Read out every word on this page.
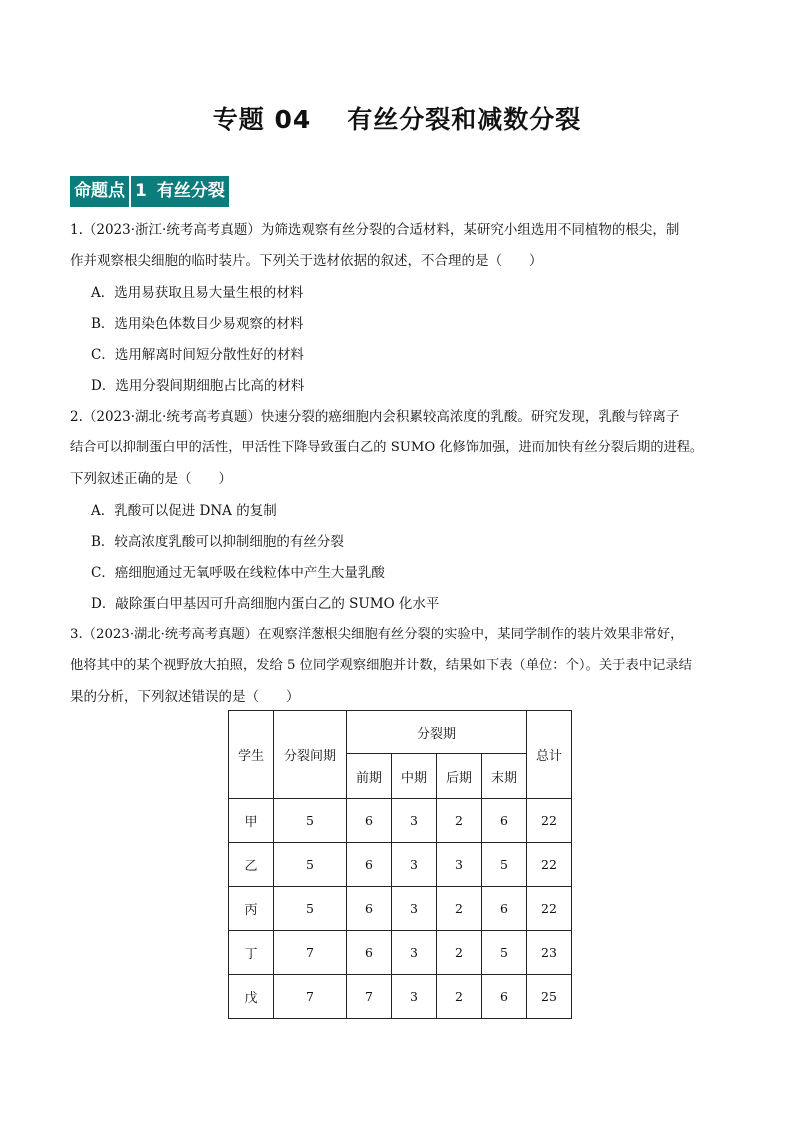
专题 04 有丝分裂和减数分裂
命题点 1 有丝分裂
1.（2023·浙江·统考高考真题）为筛选观察有丝分裂的合适材料，某研究小组选用不同植物的根尖，制
作并观察根尖细胞的临时装片。下列关于选材依据的叙述，不合理的是（　　）
A．选用易获取且易大量生根的材料
B．选用染色体数目少易观察的材料
C．选用解离时间短分散性好的材料
D．选用分裂间期细胞占比高的材料
2.（2023·湖北·统考高考真题）快速分裂的癌细胞内会积累较高浓度的乳酸。研究发现，乳酸与锌离子
结合可以抑制蛋白甲的活性，甲活性下降导致蛋白乙的 SUMO 化修饰加强，进而加快有丝分裂后期的进程。
下列叙述正确的是（　　）
A．乳酸可以促进 DNA 的复制
B．较高浓度乳酸可以抑制细胞的有丝分裂
C．癌细胞通过无氧呼吸在线粒体中产生大量乳酸
D．敲除蛋白甲基因可升高细胞内蛋白乙的 SUMO 化水平
3.（2023·湖北·统考高考真题）在观察洋葱根尖细胞有丝分裂的实验中，某同学制作的装片效果非常好，
他将其中的某个视野放大拍照，发给 5 位同学观察细胞并计数，结果如下表（单位：个）。关于表中记录结
果的分析，下列叙述错误的是（　　）
学生	分裂间期	分裂期				总计
		前期	中期	后期	末期	
甲	5	6	3	2	6	22
乙	5	6	3	3	5	22
丙	5	6	3	2	6	22
丁	7	6	3	2	5	23
戊	7	7	3	2	6	25
